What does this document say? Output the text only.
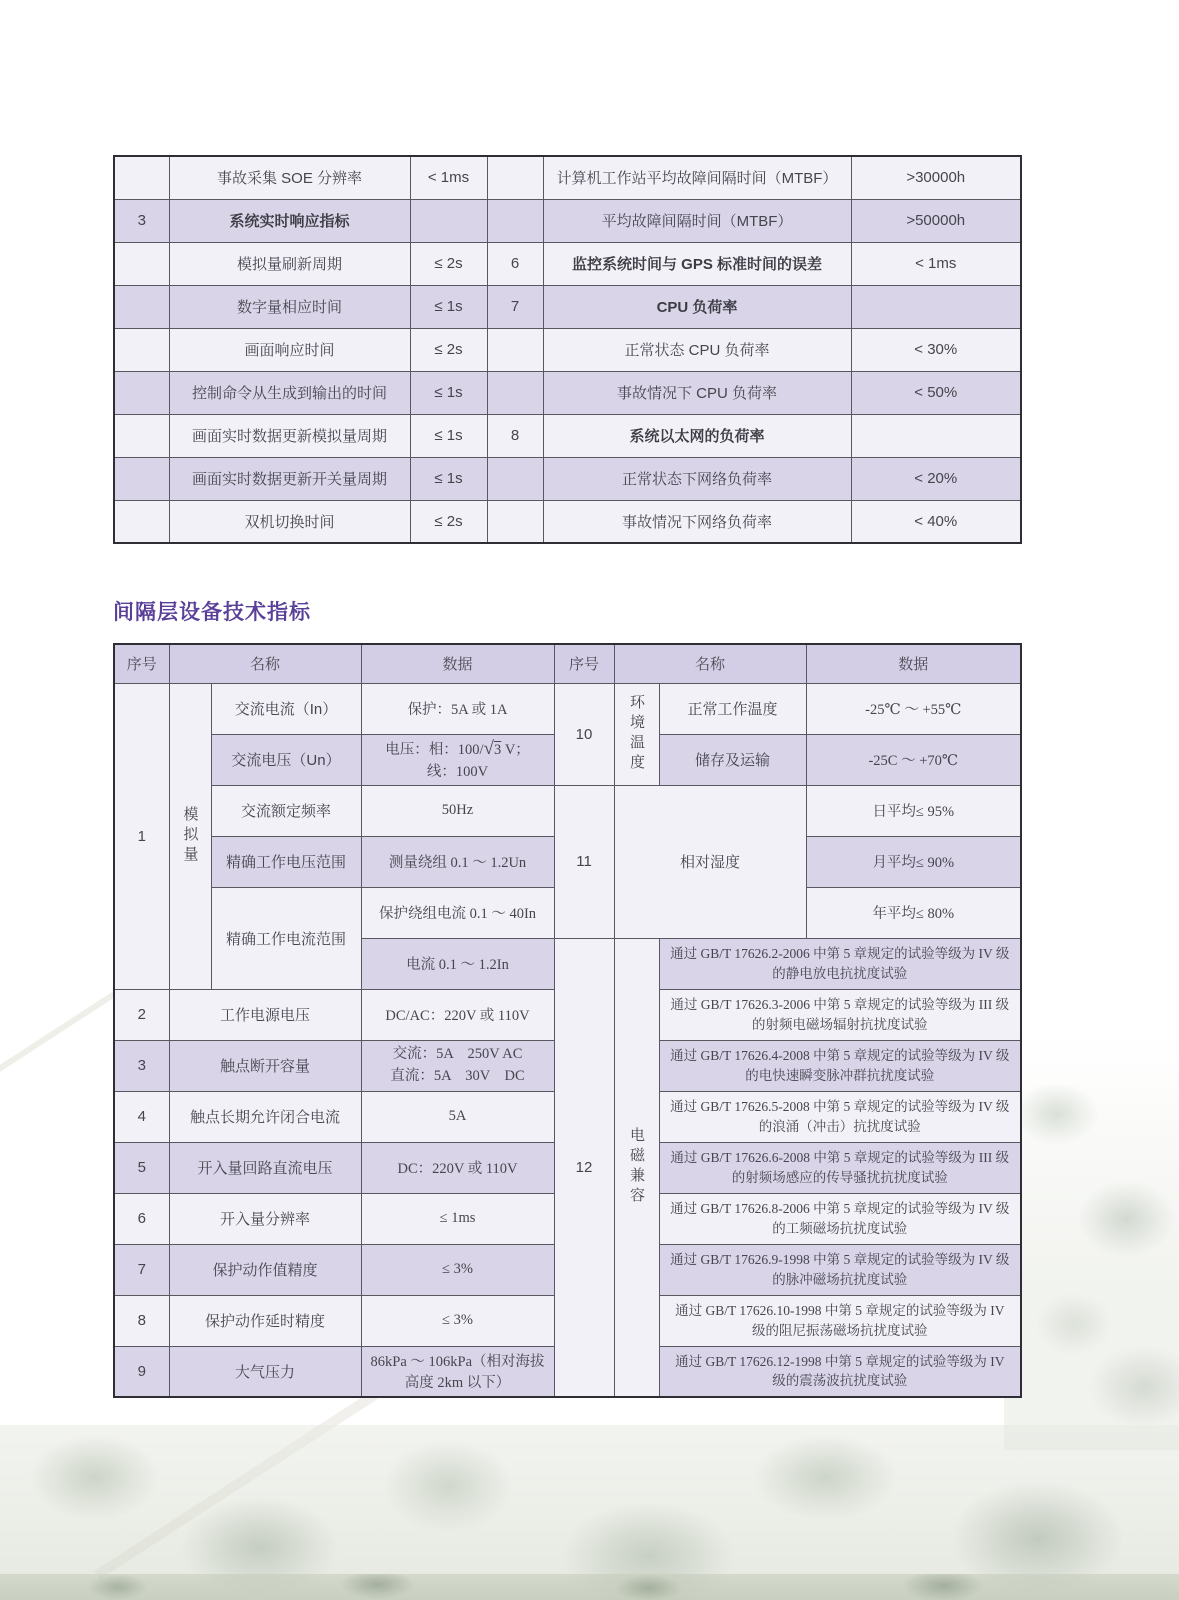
	事故采集 SOE 分辨率	< 1ms		计算机工作站平均故障间隔时间（MTBF）	>30000h
3	系统实时响应指标			平均故障间隔时间（MTBF）	>50000h
	模拟量刷新周期	≤ 2s	6	监控系统时间与 GPS 标准时间的误差	< 1ms
	数字量相应时间	≤ 1s	7	CPU 负荷率	
	画面响应时间	≤ 2s		正常状态 CPU 负荷率	< 30%
	控制命令从生成到输出的时间	≤ 1s		事故情况下 CPU 负荷率	< 50%
	画面实时数据更新模拟量周期	≤ 1s	8	系统以太网的负荷率	
	画面实时数据更新开关量周期	≤ 1s		正常状态下网络负荷率	< 20%
	双机切换时间	≤ 2s		事故情况下网络负荷率	< 40%
间隔层设备技术指标
序号	名称		数据	序号	名称		数据
1	模拟量	交流电流（In）	保护：5A 或 1A	10	环境温度	正常工作温度	-25℃ ～ +55℃
		交流电压（Un）	电压：相：100/√3 V；
线：100V			储存及运输	-25C ～ +70℃
		交流额定频率	50Hz	11	相对湿度		日平均≤ 95%
		精确工作电压范围	测量绕组 0.1 ～ 1.2Un				月平均≤ 90%
		精确工作电流范围	保护绕组电流 0.1 ～ 40In				年平均≤ 80%
			电流 0.1 ～ 1.2In	12	电磁兼容	通过 GB/T 17626.2-2006 中第 5 章规定的试验等级为 IV 级的静电放电抗扰度试验	
2	工作电源电压		DC/AC：220V 或 110V			通过 GB/T 17626.3-2006 中第 5 章规定的试验等级为 III 级的射频电磁场辐射抗扰度试验	
3	触点断开容量		交流：5A　250V AC
直流：5A　30V　DC			通过 GB/T 17626.4-2008 中第 5 章规定的试验等级为 IV 级的电快速瞬变脉冲群抗扰度试验	
4	触点长期允许闭合电流		5A			通过 GB/T 17626.5-2008 中第 5 章规定的试验等级为 IV 级的浪涌（冲击）抗扰度试验	
5	开入量回路直流电压		DC：220V 或 110V			通过 GB/T 17626.6-2008 中第 5 章规定的试验等级为 III 级的射频场感应的传导骚扰抗扰度试验	
6	开入量分辨率		≤ 1ms			通过 GB/T 17626.8-2006 中第 5 章规定的试验等级为 IV 级的工频磁场抗扰度试验	
7	保护动作值精度		≤ 3%			通过 GB/T 17626.9-1998 中第 5 章规定的试验等级为 IV 级的脉冲磁场抗扰度试验	
8	保护动作延时精度		≤ 3%			通过 GB/T 17626.10-1998 中第 5 章规定的试验等级为 IV 级的阻尼振荡磁场抗扰度试验	
9	大气压力		86kPa ～ 106kPa（相对海拔高度 2km 以下）			通过 GB/T 17626.12-1998 中第 5 章规定的试验等级为 IV 级的震荡波抗扰度试验	
